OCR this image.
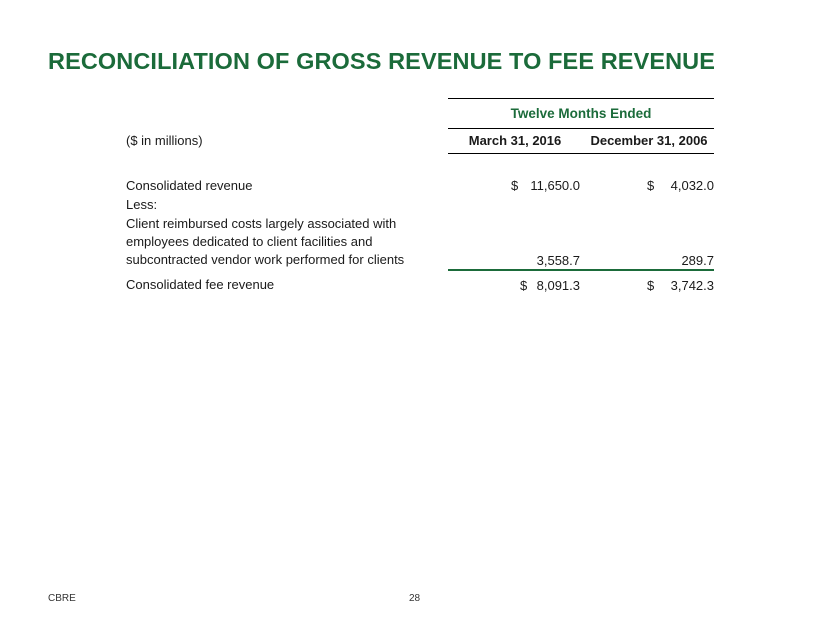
RECONCILIATION OF GROSS REVENUE TO FEE REVENUE
Twelve Months Ended
($ in millions)	March 31, 2016	December 31, 2006
Consolidated revenue	$ 11,650.0	$	4,032.0
Less:
Client reimbursed costs largely associated with
employees dedicated to client facilities and
subcontracted vendor work performed for clients	3,558.7	289.7
Consolidated fee revenue	$ 8,091.3	$	3,742.3
CBRE	28
